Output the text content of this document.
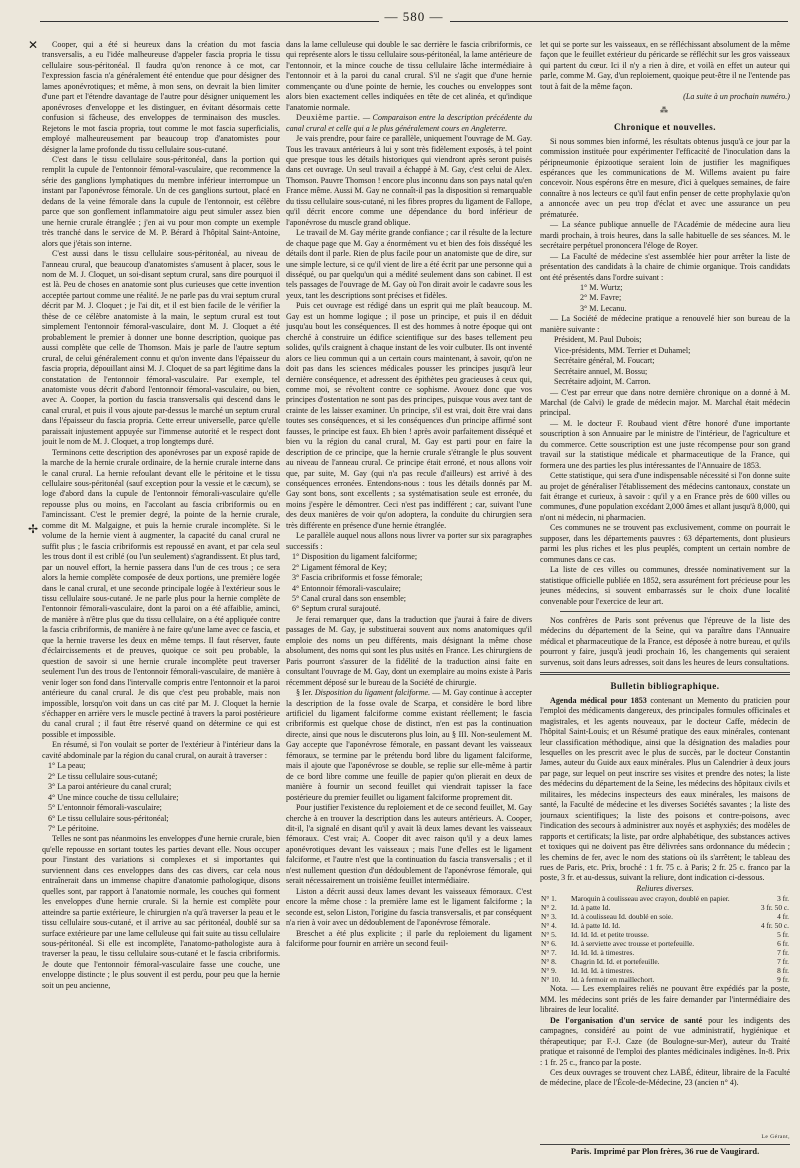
— 580 —
✕
✢

Cooper, qui a été si heureux dans la création du mot fascia transversalis, a eu l'idée malheureuse d'appeler fascia propria le tissu cellulaire sous-péritonéal. Il faudra qu'on renonce à ce mot, car l'expression fascia n'a généralement été entendue que pour désigner des lames aponévrotiques; et même, à mon sens, on devrait la bien limiter d'une part et l'étendre davantage de l'autre pour désigner uniquement les aponévroses d'enveloppe et les distinguer, en évitant désormais cette confusion si fâcheuse, des enveloppes de terminaison des muscles. Rejetons le mot fascia propria, tout comme le mot fascia superficialis, employé malheureusement par beaucoup trop d'anatomistes pour désigner la lame profonde du tissu cellulaire sous-cutané.

C'est dans le tissu cellulaire sous-péritonéal, dans la portion qui remplit la cupule de l'entonnoir fémoral-vasculaire, que recommence la série des ganglions lymphatiques du membre inférieur interrompue un instant par l'aponévrose fémorale. Un de ces ganglions surtout, placé en dedans de la veine fémorale dans la cupule de l'entonnoir, est célèbre parce que son gonflement inflammatoire aigu peut simuler assez bien une hernie crurale étranglée ; j'en ai vu pour mon compte un exemple très tranché dans le service de M. P. Bérard à l'hôpital Saint-Antoine, alors que j'étais son interne.

C'est aussi dans le tissu cellulaire sous-péritonéal, au niveau de l'anneau crural, que beaucoup d'anatomistes s'amusent à placer, sous le nom de M. J. Cloquet, un soi-disant septum crural, sans dire pourquoi il est là. Peu de choses en anatomie sont plus curieuses que cette invention acceptée partout comme une réalité. Je ne parle pas du vrai septum crural décrit par M. J. Cloquet ; je l'ai dit, et il est bien facile de le vérifier la thèse de ce célèbre anatomiste à la main, le septum crural est tout simplement l'entonnoir fémoral-vasculaire, dont M. J. Cloquet a été probablement le premier à donner une bonne description, quoique pas aussi complète que celle de Thomson. Mais je parle de l'autre septum crural, de celui généralement connu et qu'on invente dans l'épaisseur du fascia propria, dépouillant ainsi M. J. Cloquet de sa part légitime dans la constatation de l'entonnoir fémoral-vasculaire. Par exemple, tel anatomiste vous décrit d'abord l'entonnoir fémoral-vasculaire, ou bien, avec A. Cooper, la portion du fascia transversalis qui descend dans le canal crural, et puis il vous ajoute par-dessus le marché un septum crural dans l'épaisseur du fascia propria. Cette erreur universelle, parce qu'elle paraissait injustement appuyée sur l'immense autorité et le respect dont jouit le nom de M. J. Cloquet, a trop longtemps duré.

Terminons cette description des aponévroses par un exposé rapide de la marche de la hernie crurale ordinaire, de la hernie crurale interne dans le canal crural. La hernie refoulant devant elle le péritoine et le tissu cellulaire sous-péritonéal (sauf exception pour la vessie et le cæcum), se loge d'abord dans la cupule de l'entonnoir fémorali-vasculaire qu'elle repousse plus ou moins, en l'accolant au fascia cribriformis ou en l'amincissant. C'est le premier degré, la pointe de la hernie crurale, comme dit M. Malgaigne, et puis la hernie crurale incomplète. Si le volume de la hernie vient à augmenter, la capacité du canal crural ne suffit plus ; le fascia cribriformis est repoussé en avant, et par cela seul les trous dont il est criblé (ou l'un seulement) s'agrandissent. Et plus tard, par un nouvel effort, la hernie passera dans l'un de ces trous ; ce sera alors la hernie complète composée de deux portions, une première logée dans le canal crural, et une seconde principale logée à l'extérieur sous le tissu cellulaire sous-cutané. Je ne parle plus pour la hernie complète de l'entonnoir fémorali-vasculaire, dont la paroi on a été affaiblie, aminci, de manière à n'être plus que du tissu cellulaire, on a été appliquée contre la fascia cribriformis, de manière à ne faire qu'une lame avec ce fascia, et que la hernie traverse les deux en même temps. Il faut réserver, faute d'éclaircissements et de preuves, quoique ce soit peu probable, la question de savoir si une hernie crurale incomplète peut traverser seulement l'un des trous de l'entonnoir fémorali-vasculaire, de manière à venir loger son fond dans l'intervalle compris entre l'entonnoir et la paroi antérieure du canal crural. Je dis que c'est peu probable, mais non impossible, lorsqu'on voit dans un cas cité par M. J. Cloquet la hernie s'échapper en arrière vers le muscle pectiné à travers la paroi postérieure du canal crural ; il faut être réservé quand on détermine ce qui est possible et impossible.

En résumé, si l'on voulait se porter de l'extérieur à l'intérieur dans la cavité abdominale par la région du canal crural, on aurait à traverser :

1° La peau;

2° Le tissu cellulaire sous-cutané;

3° La paroi antérieure du canal crural;

4° Une mince couche de tissu cellulaire;

5° L'entonnoir fémorali-vasculaire;

6° Le tissu cellulaire sous-péritonéal;

7° Le péritoine.

Telles ne sont pas néanmoins les enveloppes d'une hernie crurale, bien qu'elle repousse en sortant toutes les parties devant elle. Nous occuper pour l'instant des variations si complexes et si importantes qui surviennent dans ces enveloppes dans des cas divers, car cela nous entraînerait dans un immense chapitre d'anatomie pathologique, disons quelles sont, par rapport à l'anatomie normale, les couches qui forment les enveloppes d'une hernie crurale. Si la hernie est complète pour atteindre sa partie extérieure, le chirurgien n'a qu'à traverser la peau et le tissu cellulaire sous-cutané, et il arrive au sac péritonéal, doublé sur sa surface extérieure par une lame celluleuse qui fait suite au tissu cellulaire sous-péritonéal. Si elle est incomplète, l'anatomo-pathologiste aura à traverser la peau, le tissu cellulaire sous-cutané et le fascia cribriformis. Je doute que l'entonnoir fémoral-vasculaire fasse une couche, une enveloppe distincte ; le plus souvent il est perdu, pour peu que la hernie soit un peu ancienne,

dans la lame celluleuse qui double le sac derrière le fascia cribriformis, ce qui représente alors le tissu cellulaire sous-péritonéal, la lame antérieure de l'entonnoir, et la mince couche de tissu cellulaire lâche intermédiaire à l'entonnoir et à la paroi du canal crural. S'il ne s'agit que d'une hernie commençante ou d'une pointe de hernie, les couches ou enveloppes sont alors bien exactement celles indiquées en tête de cet alinéa, et qu'indique l'anatomie normale.

Deuxième partie. — Comparaison entre la description précédente du canal crural et celle qui a le plus généralement cours en Angleterre.

Je vais prendre, pour faire ce parallèle, uniquement l'ouvrage de M. Gay. Tous les travaux antérieurs à lui y sont très fidèlement exposés, à tel point que presque tous les détails historiques qui viendront après seront puisés dans cet ouvrage. Un seul travail a échappé à M. Gay, c'est celui de Alex. Thomson. Pauvre Thomson ! encore plus inconnu dans son pays natal qu'en France même. Aussi M. Gay ne connaît-il pas la disposition si remarquable du tissu cellulaire sous-cutané, ni les fibres propres du ligament de Fallope, qu'il décrit encore comme une dépendance du bord inférieur de l'aponévrose du muscle grand oblique.

Le travail de M. Gay mérite grande confiance ; car il résulte de la lecture de chaque page que M. Gay a énormément vu et bien des fois disséqué les détails dont il parle. Rien de plus facile pour un anatomiste que de dire, sur une simple lecture, si ce qu'il vient de lire a été écrit par une personne qui a disséqué, ou par quelqu'un qui a médité seulement dans son cabinet. Il est tels passages de l'ouvrage de M. Gay où l'on dirait avoir le cadavre sous les yeux, tant les descriptions sont précises et fidèles.

Puis cet ouvrage est rédigé dans un esprit qui me plaît beaucoup. M. Gay est un homme logique ; il pose un principe, et puis il en déduit jusqu'au bout les conséquences. Il est des hommes à notre époque qui ont cherché à construire un édifice scientifique sur des bases tellement peu solides, qu'ils craignent à chaque instant de les voir culbuter. Ils ont inventé alors ce lieu commun qui a un certain cours maintenant, à savoir, qu'on ne doit pas dans les sciences médicales pousser les principes jusqu'à leur dernière conséquence, et adressent des épithètes peu gracieuses à ceux qui, comme moi, se révoltent contre ce sophisme. Avouez donc que vos principes d'ostentation ne sont pas des principes, puisque vous avez tant de crainte de les laisser examiner. Un principe, s'il est vrai, doit être vrai dans toutes ses conséquences, et si les conséquences d'un principe affirmé sont fausses, le principe est faux. Eh bien ! après avoir parfaitement disséqué et bien vu la région du canal crural, M. Gay est parti pour en faire la description de ce principe, que la hernie crurale s'étrangle le plus souvent au niveau de l'anneau crural. Ce principe était erroné, et nous allons voir que, par suite, M. Gay (qui n'a pas recule d'ailleurs) est arrivé à des conséquences erronées. Entendons-nous : tous les détails donnés par M. Gay sont bons, sont excellents ; sa systématisation seule est erronée, du moins j'espère le démontrer. Ceci n'est pas indifférent ; car, suivant l'une des deux manières de voir qu'on adoptera, la conduite du chirurgien sera très différente en présence d'une hernie étranglée.

Le parallèle auquel nous allons nous livrer va porter sur six paragraphes successifs :

1° Disposition du ligament falciforme;

2° Ligament fémoral de Key;

3° Fascia cribriformis et fosse fémorale;

4° Entonnoir fémorali-vasculaire;

5° Canal crural dans son ensemble;

6° Septum crural surajouté.

Je ferai remarquer que, dans la traduction que j'aurai à faire de divers passages de M. Gay, je substituerai souvent aux noms anatomiques qu'il emploie des noms un peu différents, mais désignant la même chose absolument, des noms qui sont les plus usités en France. Les chirurgiens de Paris pourront s'assurer de la fidélité de la traduction ainsi faite en consultant l'ouvrage de M. Gay, dont un exemplaire au moins existe à Paris récemment déposé sur le bureau de la Société de chirurgie.

§ Ier. Disposition du ligament falciforme. — M. Gay continue à accepter la description de la fosse ovale de Scarpa, et considère le bord libre artificiel du ligament falciforme comme existant réellement; le fascia cribriformis est quelque chose de distinct, n'en est pas la continuation directe, ainsi que nous le discuterons plus loin, au § III. Non-seulement M. Gay accepte que l'aponévrose fémorale, en passant devant les vaisseaux fémoraux, se termine par le prétendu bord libre du ligament falciforme, mais il ajoute que l'aponévrose se double, se replie sur elle-même à partir de ce bord libre comme une feuille de papier qu'on plierait en deux de manière à fournir un second feuillet qui viendrait tapisser la face postérieure du premier feuillet ou ligament falciforme proprement dit.

Pour justifier l'existence du reploiement et de ce second feuillet, M. Gay cherche à en trouver la description dans les auteurs antérieurs. A. Cooper, dit-il, l'a signalé en disant qu'il y avait là deux lames devant les vaisseaux fémoraux. C'est vrai; A. Cooper dit avec raison qu'il y a deux lames aponévrotiques devant les vaisseaux ; mais l'une d'elles est le ligament falciforme, et l'autre n'est que la continuation du fascia transversalis ; et il n'est nullement question d'un dédoublement de l'aponévrose fémorale, qui serait nécessairement un troisième feuillet intermédiaire.

Liston a décrit aussi deux lames devant les vaisseaux fémoraux. C'est encore la même chose : la première lame est le ligament falciforme ; la seconde est, selon Liston, l'origine du fascia transversalis, et par conséquent n'a rien à voir avec un dédoublement de l'aponévrose fémorale.

Breschet a été plus explicite ; il parle du reploiement du ligament falciforme pour fournir en arrière un second feuil-

let qui se porte sur les vaisseaux, en se réfléchissant absolument de la même façon que le feuillet extérieur du péricarde se réfléchit sur les gros vaisseaux qui partent du cœur. Ici il n'y a rien à dire, et voilà en effet un auteur qui parle, comme M. Gay, d'un reploiement, quoique peut-être il ne l'entende pas tout à fait de la même façon.

(La suite à un prochain numéro.)

⁂
Chronique et nouvelles.

Si nous sommes bien informé, les résultats obtenus jusqu'à ce jour par la commission instituée pour expérimenter l'efficacité de l'inoculation dans la péripneumonie épizootique seraient loin de justifier les magnifiques espérances que les communications de M. Willems avaient pu faire concevoir. Nous espérons être en mesure, d'ici à quelques semaines, de faire connaître à nos lecteurs ce qu'il faut enfin penser de cette prophylaxie qu'on a annoncée avec un peu trop d'éclat et avec une assurance un peu prématurée.

— La séance publique annuelle de l'Académie de médecine aura lieu mardi prochain, à trois heures, dans la salle habituelle de ses séances. M. le secrétaire perpétuel prononcera l'éloge de Royer.

— La Faculté de médecine s'est assemblée hier pour arrêter la liste de présentation des candidats à la chaire de chimie organique. Trois candidats ont été présentés dans l'ordre suivant :

1° M. Wurtz;

2° M. Favre;

3° M. Lecanu.

— La Société de médecine pratique a renouvelé hier son bureau de la manière suivante :

Président, M. Paul Dubois;

Vice-présidents, MM. Terrier et Duhamel;

Secrétaire général, M. Foucart;

Secrétaire annuel, M. Bossu;

Secrétaire adjoint, M. Carron.

— C'est par erreur que dans notre dernière chronique on a donné à M. Marchal (de Calvi) le grade de médecin major. M. Marchal était médecin principal.

— M. le docteur F. Roubaud vient d'être honoré d'une importante souscription à son Annuaire par le ministre de l'intérieur, de l'agriculture et du commerce. Cette souscription est une juste récompense pour son grand travail sur la statistique médicale et pharmaceutique de la France, qui formera une des parties les plus intéressantes de l'Annuaire de 1853.

Cette statistique, qui sera d'une indispensable nécessité si l'on donne suite au projet de généraliser l'établissement des médecins cantonaux, constate un fait étrange et curieux, à savoir : qu'il y a en France près de 600 villes ou communes, d'une population excédant 2,000 âmes et allant jusqu'à 8,000, qui n'ont ni médecin, ni pharmacien.

Ces communes ne se trouvent pas exclusivement, comme on pourrait le supposer, dans les départements pauvres : 63 départements, dont plusieurs parmi les plus riches et les plus peuplés, comptent un certain nombre de communes dans ce cas.

La liste de ces villes ou communes, dressée nominativement sur la statistique officielle publiée en 1852, sera assurément fort précieuse pour les jeunes médecins, si souvent embarrassés sur le choix d'une localité convenable pour l'exercice de leur art.

Nos confrères de Paris sont prévenus que l'épreuve de la liste des médecins du département de la Seine, qui va paraître dans l'Annuaire médical et pharmaceutique de la France, est déposée à notre bureau, et qu'ils pourront y faire, jusqu'à jeudi prochain 16, les changements qui seraient survenus, soit dans leurs adresses, soit dans les heures de leurs consultations.

Bulletin bibliographique.

Agenda médical pour 1853 contenant un Memento du praticien pour l'emploi des médicaments dangereux, des principales formules officinales et magistrales, et les agents nouveaux, par le docteur Caffe, médecin de l'hôpital Saint-Louis; et un Résumé pratique des eaux minérales, contenant leur classification méthodique, ainsi que la désignation des maladies pour lesquelles on les prescrit avec le plus de succès, par le docteur Constantin James, auteur du Guide aux eaux minérales. Plus un Calendrier à deux jours par page, sur lequel on peut inscrire ses visites et prendre des notes; la liste des médecins du département de la Seine, les médecins des hôpitaux civils et militaires, les médecins inspecteurs des eaux minérales, les maisons de santé, la Faculté de médecine et les diverses Sociétés savantes ; la liste des journaux scientifiques; la liste des poisons et contre-poisons, avec l'indication des secours à administrer aux noyés et asphyxiés; des modèles de rapports et certificats; la liste, par ordre alphabétique, des substances actives et toxiques qui ne doivent pas être délivrées sans ordonnance du médecin ; les chemins de fer, avec le nom des stations où ils s'arrêtent; le tableau des rues de Paris, etc. Prix, broché : 1 fr. 75 c. à Paris; 2 fr. 25 c. franco par la poste, 3 fr. et au-dessus, suivant la reliure, dont indication ci-dessous.

Reliures diverses.
N° 1.	Maroquin à coulisseau avec crayon, doublé en papier.	3 fr.
N° 2.	Id. à patte Id.	3 fr. 50 c.
N° 3.	Id. à coulisseau Id. doublé en soie.	4 fr.
N° 4.	Id. à patte Id. Id.	4 fr. 50 c.
N° 5.	Id. Id. Id. et petite trousse.	5 fr.
N° 6.	Id. à serviette avec trousse et portefeuille.	6 fr.
N° 7.	Id. Id. Id. à timestres.	7 fr.
N° 8.	Chagrin Id. Id. et portefeuille.	7 fr.
N° 9.	Id. Id. Id. à timestres.	8 fr.
N° 10.	Id. à fermoir en maillechort.	9 fr.

Nota. — Les exemplaires reliés ne pouvant être expédiés par la poste, MM. les médecins sont priés de les faire demander par l'intermédiaire des libraires de leur localité.

De l'organisation d'un service de santé pour les indigents des campagnes, considéré au point de vue administratif, hygiénique et thérapeutique; par F.-J. Caze (de Boulogne-sur-Mer), auteur du Traité pratique et raisonné de l'emploi des plantes médicinales indigènes. In-8. Prix : 1 fr. 25 c., franco par la poste.

Ces deux ouvrages se trouvent chez LABÉ, éditeur, libraire de la Faculté de médecine, place de l'École-de-Médecine, 23 (ancien n° 4).

Le Gérant,
Paris. Imprimé par Plon frères, 36 rue de Vaugirard.
